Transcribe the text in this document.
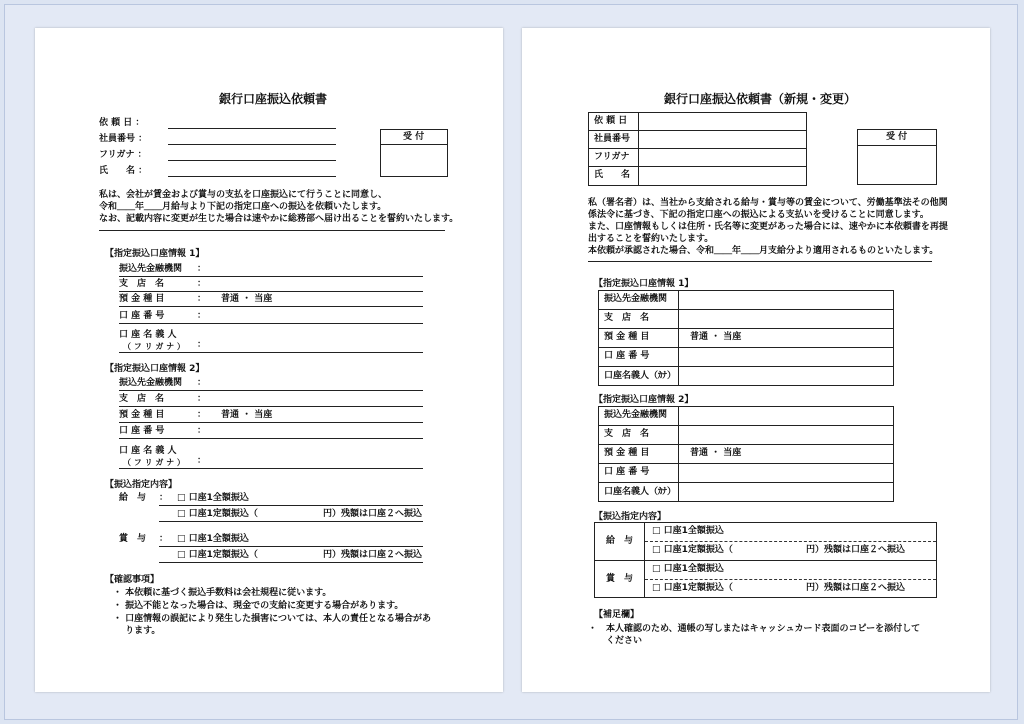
銀行口座振込依頼書
依 頼 日 ：
社員番号 ：
フリガナ ：
氏　　名 ：
受 付
私は、会社が賃金および賞与の支払を口座振込にて行うことに同意し、
令和＿＿年＿＿月給与より下記の指定口座への振込を依頼いたします。
なお、記載内容に変更が生じた場合は速やかに総務部へ届け出ることを誓約いたします。
【指定振込口座情報 1】
振込先金融機関 ：
支　店　名	：
預 金 種 目	： 普通 ・ 当座
口 座 番 号	：
口 座 名 義 人
（ フ リ ガ ナ ） ：
【指定振込口座情報 2】
振込先金融機関 ：
支　店　名	：
預 金 種 目	： 普通 ・ 当座
口 座 番 号	：
口 座 名 義 人
（ フ リ ガ ナ ） ：
【振込指定内容】
給　与 ： □ 口座1全額振込
□ 口座1定額振込（	円）残額は口座２へ振込
賞　与 ： □ 口座1全額振込
□ 口座1定額振込（	円）残額は口座２へ振込
【確認事項】
・ 本依頼に基づく振込手数料は会社規程に従います。
・ 振込不能となった場合は、現金での支給に変更する場合があります。
・ 口座情報の誤記により発生した損害については、本人の責任となる場合があ
　 ります。
銀行口座振込依頼書（新規・変更）
依 頼 日
社員番号
フリガナ
氏　　名
受 付
私（署名者）は、当社から支給される給与・賞与等の賃金について、労働基準法その他関
係法令に基づき、下記の指定口座への振込による支払いを受けることに同意します。
また、口座情報もしくは住所・氏名等に変更があった場合には、速やかに本依頼書を再提
出することを誓約いたします。
本依頼が承認された場合、令和＿＿年＿＿月支給分より適用されるものといたします。
【指定振込口座情報 1】
振込先金融機関
支　店　名
預 金 種 目	普通 ・ 当座
口 座 番 号
口座名義人（ｶﾅ）
【指定振込口座情報 2】
振込先金融機関
支　店　名
預 金 種 目	普通 ・ 当座
口 座 番 号
口座名義人（ｶﾅ）
【振込指定内容】
給　与
□ 口座1全額振込
□ 口座1定額振込（	円）残額は口座２へ振込
賞　与
□ 口座1全額振込
□ 口座1定額振込（	円）残額は口座２へ振込
【補足欄】
・　本人確認のため、通帳の写しまたはキャッシュカード表面のコピーを添付して
　　ください
